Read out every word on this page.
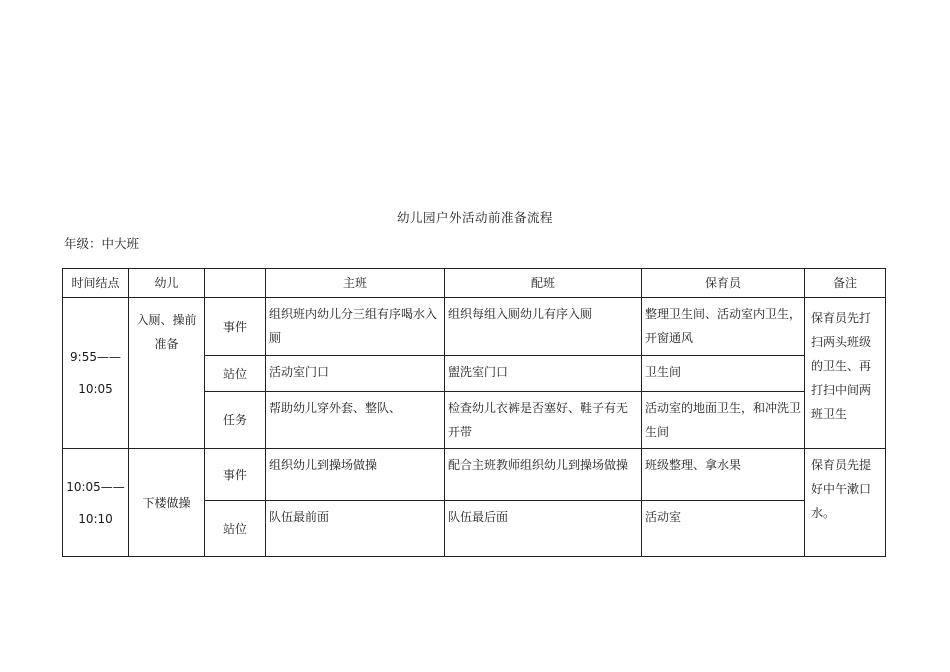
幼儿园户外活动前准备流程
年级：中大班
时间结点	幼儿		主班	配班	保育员	备注

9:55——
10:05	入厕、操前准备	事件	组织班内幼儿分三组有序喝水入厕	组织每组入厕幼儿有序入厕	整理卫生间、活动室内卫生，开窗通风	保育员先打扫两头班级的卫生、再打扫中间两班卫生
		站位	活动室门口	盥洗室门口	卫生间	
		任务	帮助幼儿穿外套、整队、	检查幼儿衣裤是否塞好、鞋子有无开带	活动室的地面卫生，和冲洗卫生间	

10:05——
10:10	下楼做操	事件	组织幼儿到操场做操	配合主班教师组织幼儿到操场做操	班级整理、拿水果	保育员先提好中午漱口水。
		站位	队伍最前面	队伍最后面	活动室	
